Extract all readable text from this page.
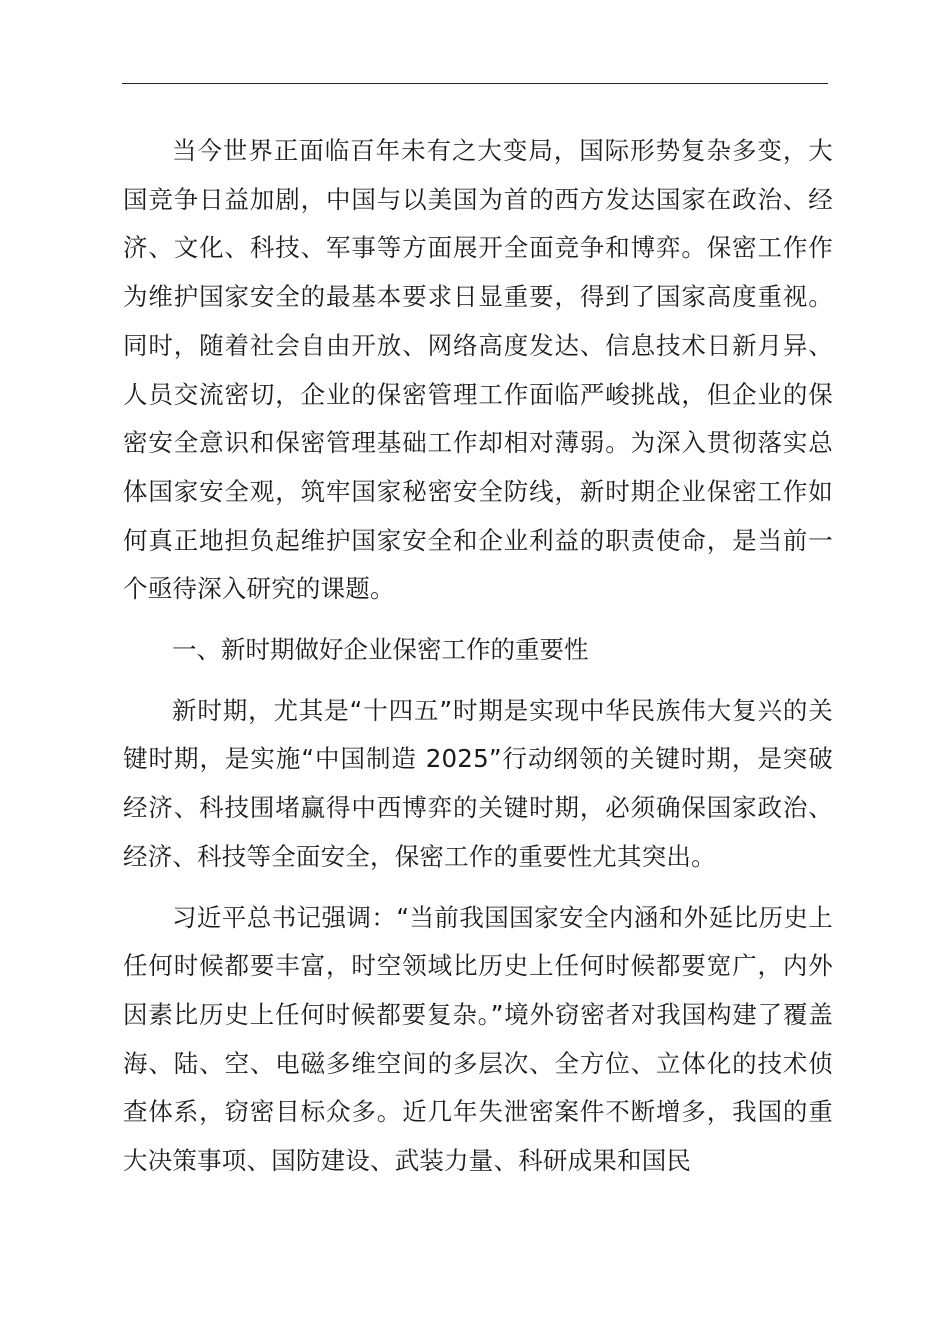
当今世界正面临百年未有之大变局，国际形势复杂多变，大国竞争日益加剧，中国与以美国为首的西方发达国家在政治、经济、文化、科技、军事等方面展开全面竞争和博弈。保密工作作为维护国家安全的最基本要求日显重要，得到了国家高度重视。同时，随着社会自由开放、网络高度发达、信息技术日新月异、人员交流密切，企业的保密管理工作面临严峻挑战，但企业的保密安全意识和保密管理基础工作却相对薄弱。为深入贯彻落实总体国家安全观，筑牢国家秘密安全防线，新时期企业保密工作如何真正地担负起维护国家安全和企业利益的职责使命，是当前一个亟待深入研究的课题。

一、新时期做好企业保密工作的重要性

新时期，尤其是“十四五”时期是实现中华民族伟大复兴的关键时期，是实施“中国制造 2025”行动纲领的关键时期，是突破经济、科技围堵赢得中西博弈的关键时期，必须确保国家政治、经济、科技等全面安全，保密工作的重要性尤其突出。

习近平总书记强调：“当前我国国家安全内涵和外延比历史上任何时候都要丰富，时空领域比历史上任何时候都要宽广，内外因素比历史上任何时候都要复杂。”境外窃密者对我国构建了覆盖海、陆、空、电磁多维空间的多层次、全方位、立体化的技术侦查体系，窃密目标众多。近几年失泄密案件不断增多，我国的重大决策事项、国防建设、武装力量、科研成果和国民
